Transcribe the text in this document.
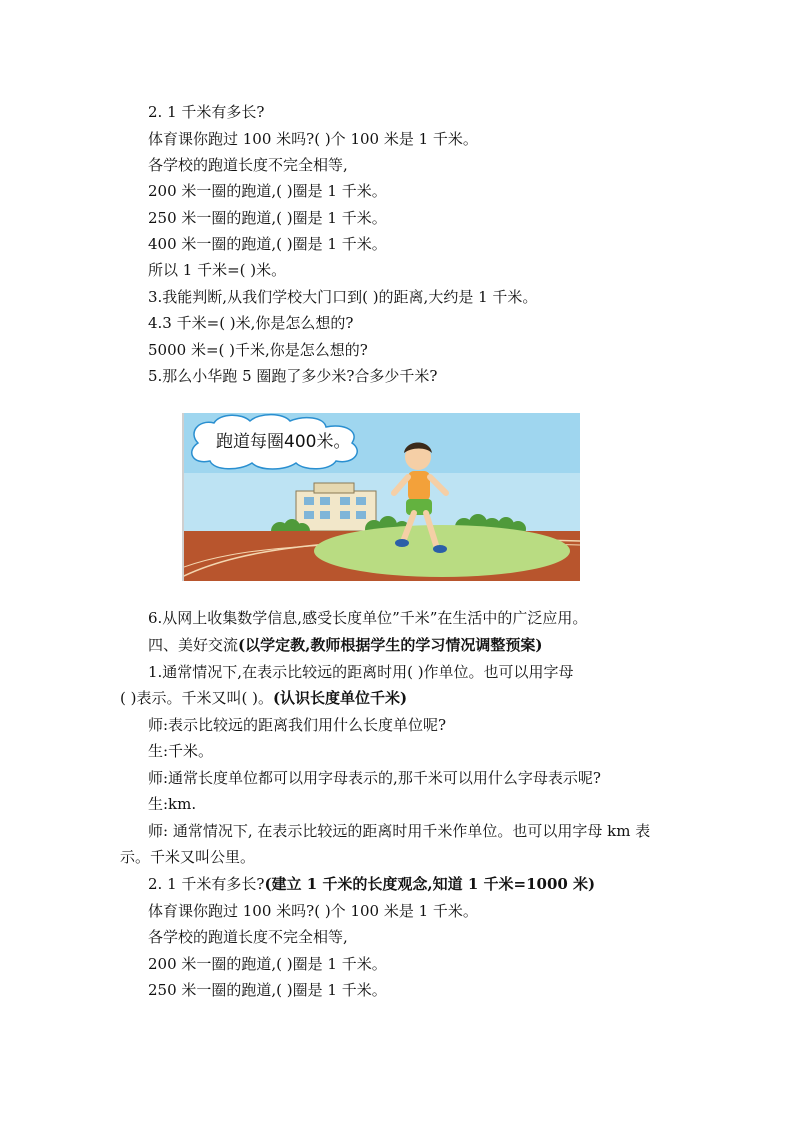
2. 1 千米有多长?
体育课你跑过 100 米吗?( )个 100 米是 1 千米。
各学校的跑道长度不完全相等,
200 米一圈的跑道,( )圈是 1 千米。
250 米一圈的跑道,( )圈是 1 千米。
400 米一圈的跑道,( )圈是 1 千米。
所以 1 千米=( )米。
3.我能判断,从我们学校大门口到( )的距离,大约是 1 千米。
4.3 千米=( )米,你是怎么想的?
5000 米=( )千米,你是怎么想的?
5.那么小华跑 5 圈跑了多少米?合多少千米?
跑道每圈400米。
6.从网上收集数学信息,感受长度单位”千米”在生活中的广泛应用。
四、美好交流(以学定教,教师根据学生的学习情况调整预案)
1.通常情况下,在表示比较远的距离时用( )作单位。也可以用字母
( )表示。千米又叫( )。(认识长度单位千米)
师:表示比较远的距离我们用什么长度单位呢?
生:千米。
师:通常长度单位都可以用字母表示的,那千米可以用什么字母表示呢?
生:km.
师: 通常情况下, 在表示比较远的距离时用千米作单位。也可以用字母 km 表
示。千米又叫公里。
2. 1 千米有多长?(建立 1 千米的长度观念,知道 1 千米=1000 米)
体育课你跑过 100 米吗?( )个 100 米是 1 千米。
各学校的跑道长度不完全相等,
200 米一圈的跑道,( )圈是 1 千米。
250 米一圈的跑道,( )圈是 1 千米。
